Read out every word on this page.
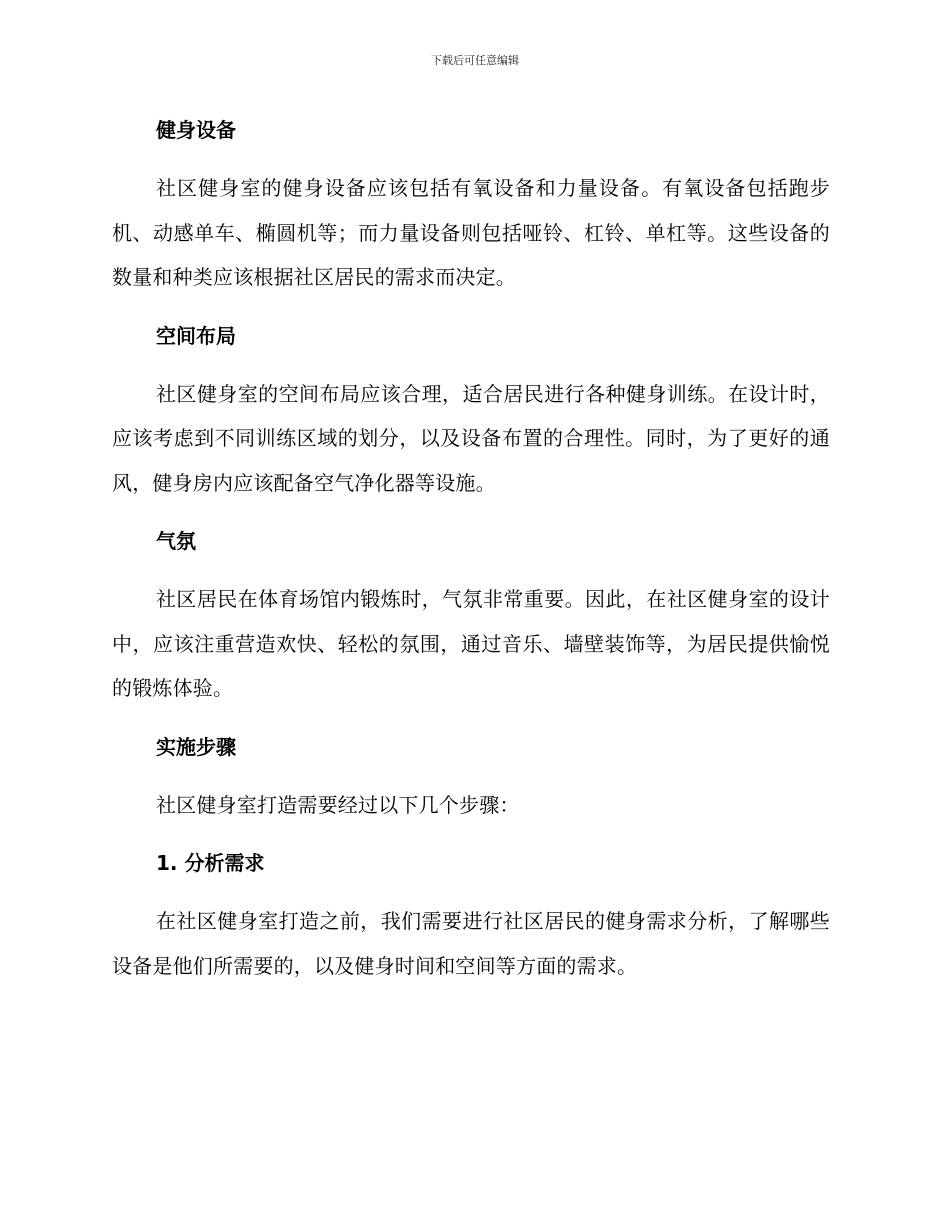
下载后可任意编辑
健身设备
社区健身室的健身设备应该包括有氧设备和力量设备。有氧设备包括跑步机、动感单车、椭圆机等；而力量设备则包括哑铃、杠铃、单杠等。这些设备的数量和种类应该根据社区居民的需求而决定。
空间布局
社区健身室的空间布局应该合理，适合居民进行各种健身训练。在设计时，应该考虑到不同训练区域的划分，以及设备布置的合理性。同时，为了更好的通风，健身房内应该配备空气净化器等设施。
气氛
社区居民在体育场馆内锻炼时，气氛非常重要。因此，在社区健身室的设计中，应该注重营造欢快、轻松的氛围，通过音乐、墙壁装饰等，为居民提供愉悦的锻炼体验。
实施步骤
社区健身室打造需要经过以下几个步骤：
1. 分析需求
在社区健身室打造之前，我们需要进行社区居民的健身需求分析，了解哪些设备是他们所需要的，以及健身时间和空间等方面的需求。
